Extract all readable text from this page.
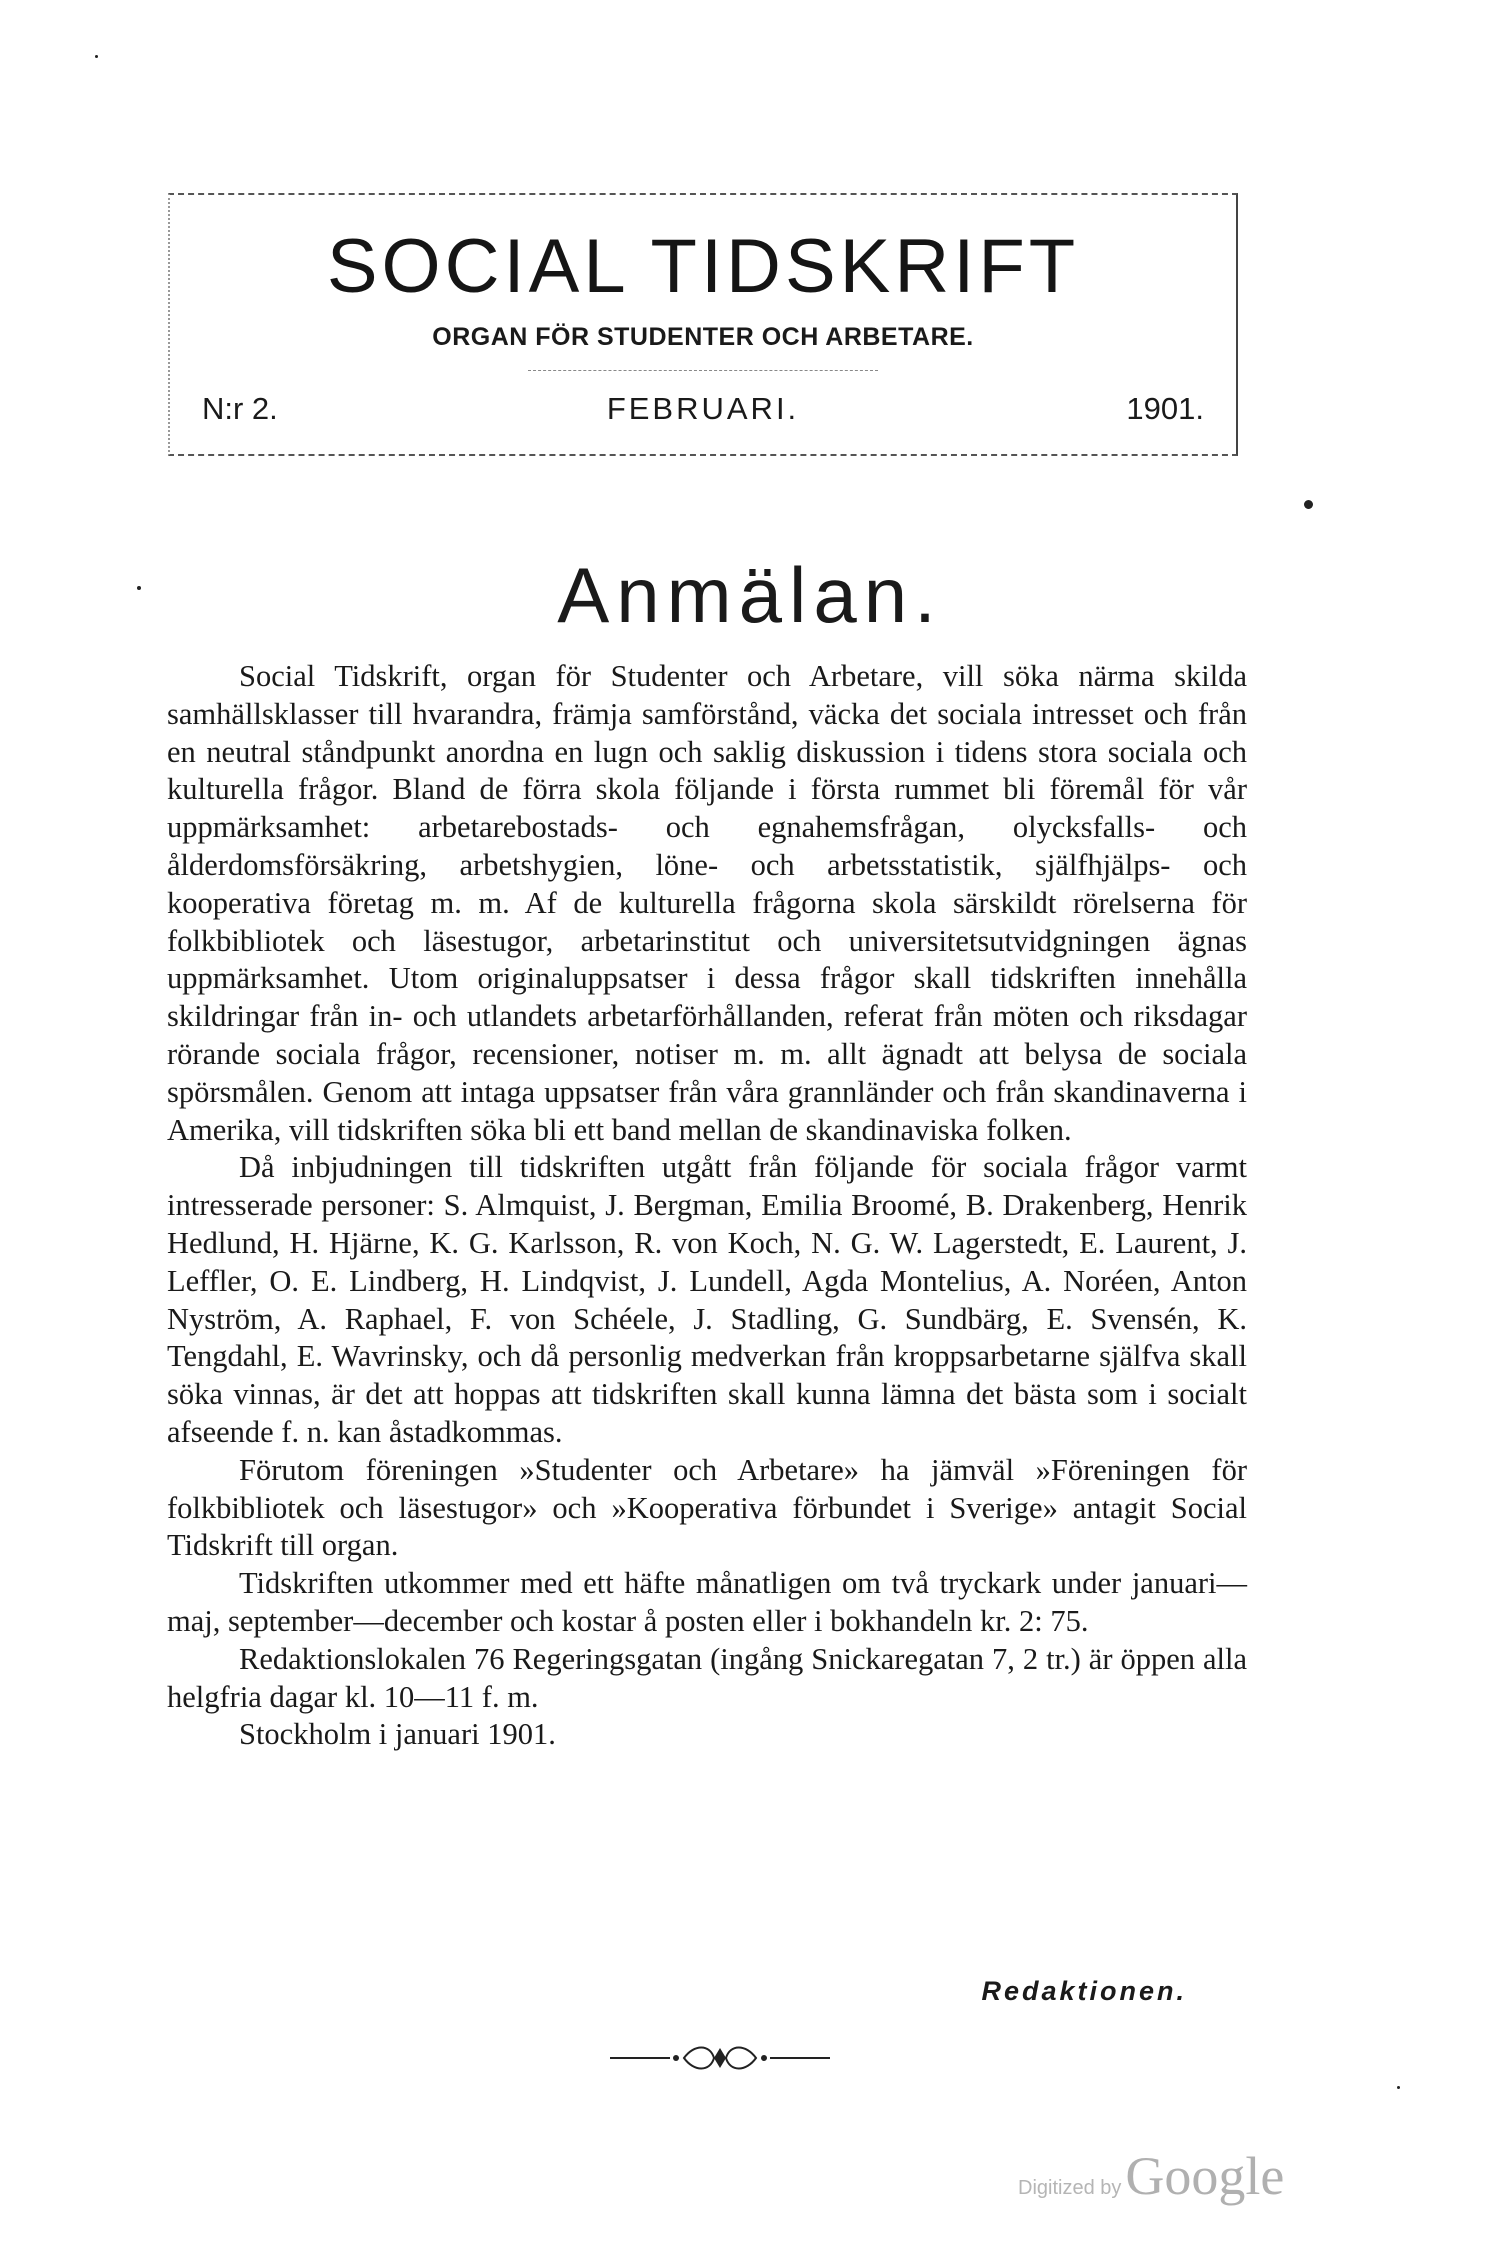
SOCIAL TIDSKRIFT
ORGAN FÖR STUDENTER OCH ARBETARE.
N:r 2.	FEBRUARI.	1901.
Anmälan.

Social Tidskrift, organ för Studenter och Arbetare, vill söka närma skilda samhällsklasser till hvarandra, främja samförstånd, väcka det sociala intresset och från en neutral ståndpunkt anordna en lugn och saklig diskussion i tidens stora sociala och kulturella frågor. Bland de förra skola följande i första rummet bli föremål för vår uppmärksamhet: arbetarebostads- och egnahemsfrågan, olycksfalls- och ålderdomsförsäkring, arbetshygien, löne- och arbetsstatistik, själfhjälps- och kooperativa företag m. m. Af de kulturella frågorna skola särskildt rörelserna för folkbibliotek och läsestugor, arbetarinstitut och universitetsutvidgningen ägnas uppmärksamhet. Utom originaluppsatser i dessa frågor skall tidskriften innehålla skildringar från in- och utlandets arbetarförhållanden, referat från möten och riksdagar rörande sociala frågor, recensioner, notiser m. m. allt ägnadt att belysa de sociala spörsmålen. Genom att intaga uppsatser från våra grannländer och från skandinaverna i Amerika, vill tidskriften söka bli ett band mellan de skandinaviska folken.

Då inbjudningen till tidskriften utgått från följande för sociala frågor varmt intresserade personer: S. Almquist, J. Bergman, Emilia Broomé, B. Drakenberg, Henrik Hedlund, H. Hjärne, K. G. Karlsson, R. von Koch, N. G. W. Lagerstedt, E. Laurent, J. Leffler, O. E. Lindberg, H. Lindqvist, J. Lundell, Agda Montelius, A. Noréen, Anton Nyström, A. Raphael, F. von Schéele, J. Stadling, G. Sundbärg, E. Svensén, K. Tengdahl, E. Wavrinsky, och då personlig medverkan från kroppsarbetarne själfva skall söka vinnas, är det att hoppas att tidskriften skall kunna lämna det bästa som i socialt afseende f. n. kan åstadkommas.

Förutom föreningen »Studenter och Arbetare» ha jämväl »Föreningen för folkbibliotek och läsestugor» och »Kooperativa förbundet i Sverige» antagit Social Tidskrift till organ.

Tidskriften utkommer med ett häfte månatligen om två tryckark under januari—maj, september—december och kostar å posten eller i bokhandeln kr. 2: 75.

Redaktionslokalen 76 Regeringsgatan (ingång Snickaregatan 7, 2 tr.) är öppen alla helgfria dagar kl. 10—11 f. m.

Stockholm i januari 1901.

Redaktionen.
Digitized by Google
